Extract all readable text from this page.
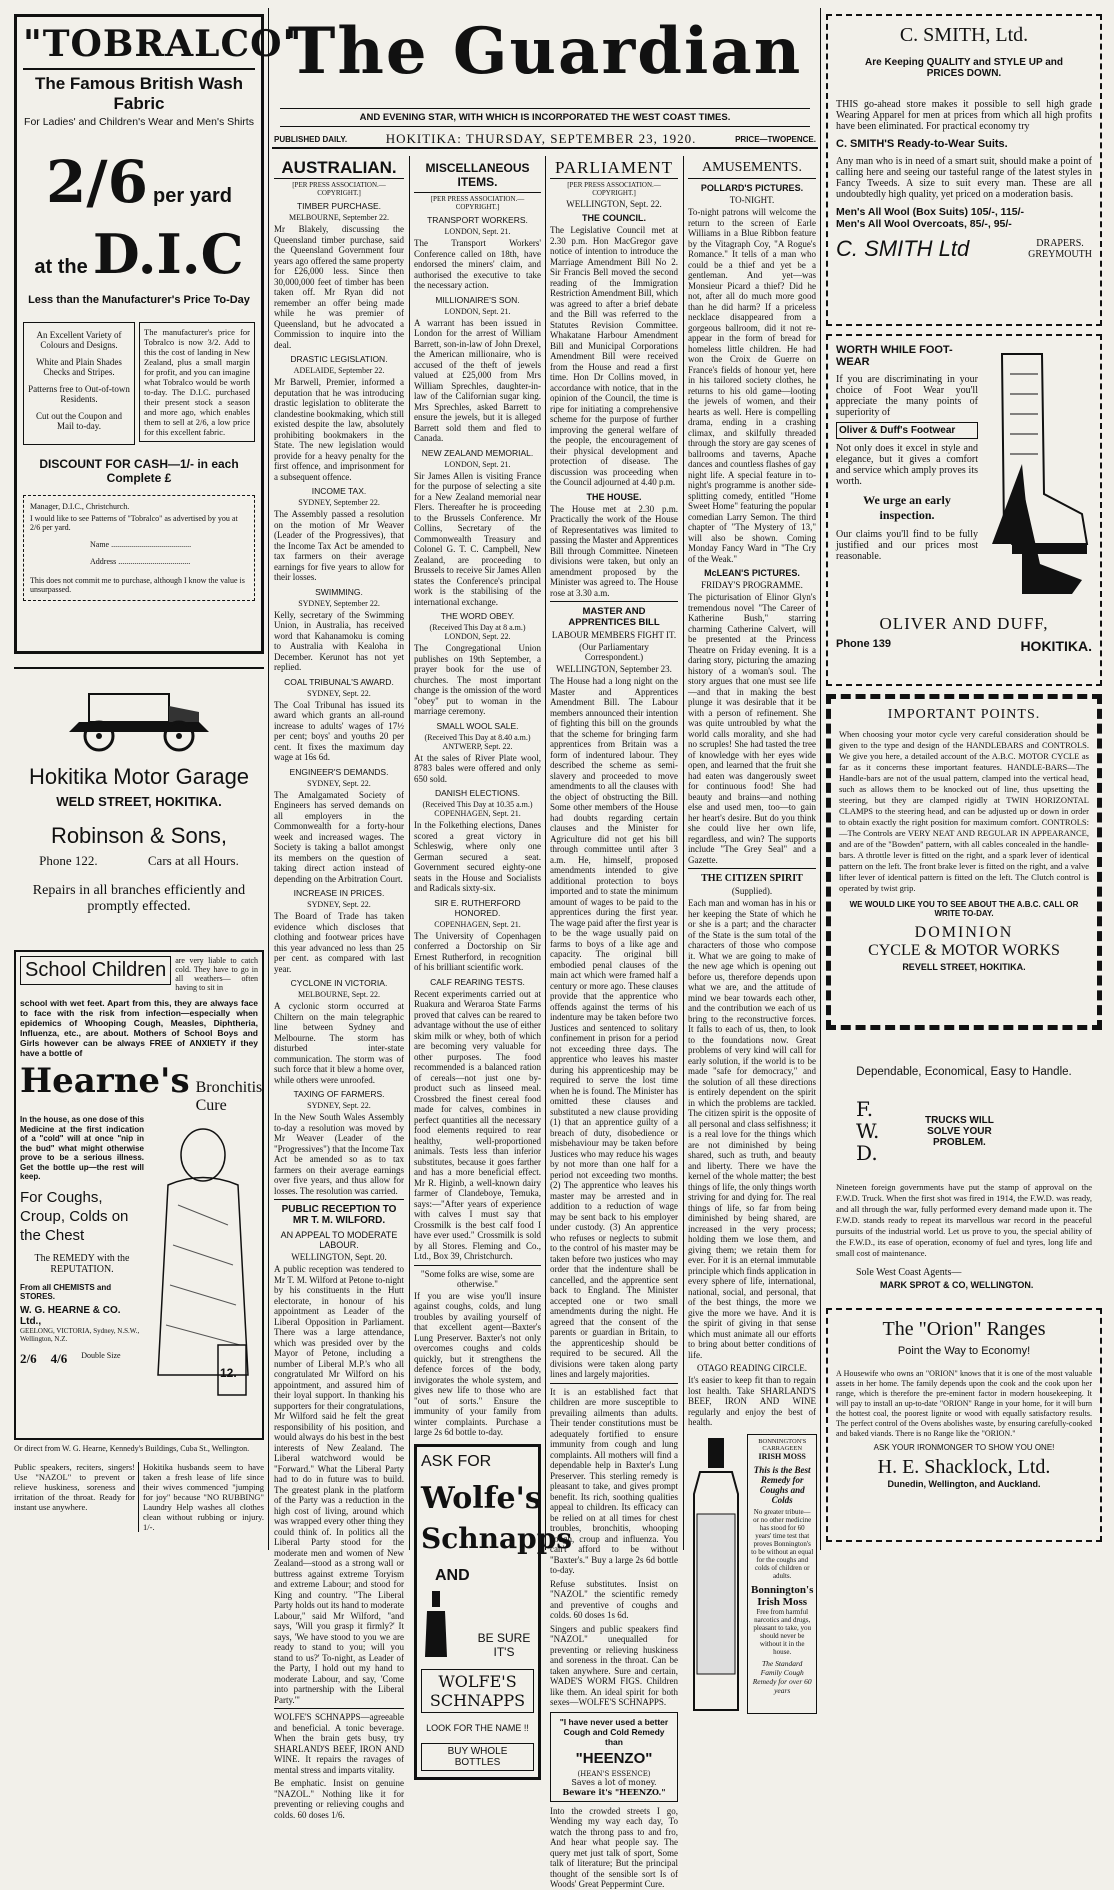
The Guardian
AND EVENING STAR, WITH WHICH IS INCORPORATED THE WEST COAST TIMES.
PUBLISHED DAILY.	HOKITIKA: THURSDAY, SEPTEMBER 23, 1920.	PRICE—TWOPENCE.
"TOBRALCO"
The Famous British Wash Fabric
For Ladies' and Children's Wear and Men's Shirts
2/6 per yard
at the D.I.C
Less than the Manufacturer's Price To-Day
An Excellent Variety of Colours and Designs.
White and Plain Shades Checks and Stripes.
Patterns free to Out-of-town Residents.
Cut out the Coupon and Mail to-day.
The manufacturer's price for Tobralco is now 3/2. Add to this the cost of landing in New Zealand, plus a small margin for profit, and you can imagine what Tobralco would be worth to-day. The D.I.C. purchased their present stock a season and more ago, which enables them to sell at 2/6, a low price for this excellent fabric.
DISCOUNT FOR CASH—1/- in each Complete £
Manager, D.I.C., Christchurch.
I would like to see Patterns of "Tobralco" as advertised by you at 2/6 per yard.
Name ........................................
Address ....................................
This does not commit me to purchase, although I know the value is unsurpassed.
Hokitika Motor Garage
WELD STREET, HOKITIKA.
Robinson & Sons,
Phone 122.	Cars at all Hours.
Repairs in all branches efficiently and promptly effected.
School Children	are very liable to catch cold. They have to go in all weathers— often having to sit in
school with wet feet. Apart from this, they are always face to face with the risk from infection—especially when epidemics of Whooping Cough, Measles, Diphtheria, Influenza, etc., are about. Mothers of School Boys and Girls however can be always FREE of ANXIETY if they have a bottle of
Hearne's Bronchitis
Cure
In the house, as one dose of this Medicine at the first indication of a "cold" will at once "nip in the bud" what might otherwise prove to be a serious illness. Get the bottle up—the rest will keep.
For Coughs, Croup, Colds on the Chest
The REMEDY with the REPUTATION.
From all CHEMISTS and STORES.
W. G. HEARNE & CO. Ltd.,
GEELONG, VICTORIA, Sydney, N.S.W., Wellington, N.Z.
2/6 4/6 Double Size
12.
Or direct from W. G. Hearne, Kennedy's Buildings, Cuba St., Wellington.
Public speakers, reciters, singers! Use "NAZOL" to prevent or relieve huskiness, soreness and irritation of the throat. Ready for instant use anywhere.
Hokitika husbands seem to have taken a fresh lease of life since their wives commenced "jumping for joy" because "NO RUBBING" Laundry Help washes all clothes clean without rubbing or injury. 1/-.
AUSTRALIAN.
[PER PRESS ASSOCIATION.—COPYRIGHT.]
TIMBER PURCHASE.
MELBOURNE, September 22.
Mr Blakely, discussing the Queensland timber purchase, said the Queensland Government four years ago offered the same property for £26,000 less. Since then 30,000,000 feet of timber has been taken off. Mr Ryan did not remember an offer being made while he was premier of Queensland, but he advocated a Commission to inquire into the deal.
DRASTIC LEGISLATION.
ADELAIDE, September 22.
Mr Barwell, Premier, informed a deputation that he was introducing drastic legislation to obliterate the clandestine bookmaking, which still existed despite the law, absolutely prohibiting bookmakers in the State. The new legislation would provide for a heavy penalty for the first offence, and imprisonment for a subsequent offence.
INCOME TAX.
SYDNEY, September 22.
The Assembly passed a resolution on the motion of Mr Weaver (Leader of the Progressives), that the Income Tax Act be amended to tax farmers on their average earnings for five years to allow for their losses.
SWIMMING.
SYDNEY, September 22.
Kelly, secretary of the Swimming Union, in Australia, has received word that Kahanamoku is coming to Australia with Kealoha in December. Kerunot has not yet replied.
COAL TRIBUNAL'S AWARD.
SYDNEY, Sept. 22.
The Coal Tribunal has issued its award which grants an all-round increase to adults' wages of 17½ per cent; boys' and youths 20 per cent. It fixes the maximum day wage at 16s 6d.
ENGINEER'S DEMANDS.
SYDNEY, Sept. 22.
The Amalgamated Society of Engineers has served demands on all employers in the Commonwealth for a forty-hour week and increased wages. The Society is taking a ballot amongst its members on the question of taking direct action instead of depending on the Arbitration Court.
INCREASE IN PRICES.
SYDNEY, Sept. 22.
The Board of Trade has taken evidence which discloses that clothing and footwear prices have this year advanced no less than 25 per cent. as compared with last year.
CYCLONE IN VICTORIA.
MELBOURNE, Sept. 22.
A cyclonic storm occurred at Chiltern on the main telegraphic line between Sydney and Melbourne. The storm has disturbed inter-state communication. The storm was of such force that it blew a home over, while others were unroofed.
TAXING OF FARMERS.
SYDNEY, Sept. 22.
In the New South Wales Assembly to-day a resolution was moved by Mr Weaver (Leader of the "Progressives") that the Income Tax Act be amended so as to tax farmers on their average earnings over five years, and thus allow for losses. The resolution was carried.
PUBLIC RECEPTION TO MR T. M. WILFORD.
AN APPEAL TO MODERATE LABOUR.
WELLINGTON, Sept. 20.
A public reception was tendered to Mr T. M. Wilford at Petone to-night by his constituents in the Hutt electorate, in honour of his appointment as Leader of the Liberal Opposition in Parliament. There was a large attendance, which was presided over by the Mayor of Petone, including a number of Liberal M.P.'s who all congratulated Mr Wilford on his appointment, and assured him of their loyal support. In thanking his supporters for their congratulations, Mr Wilford said he felt the great responsibility of his position, and would always do his best in the best interests of New Zealand. The Liberal watchword would be "Forward." What the Liberal Party had to do in future was to build. The greatest plank in the platform of the Party was a reduction in the high cost of living, around which was wrapped every other thing they could think of. In politics all the Liberal Party stood for the moderate men and women of New Zealand—stood as a strong wall or buttress against extreme Toryism and extreme Labour; and stood for King and country. "The Liberal Party holds out its hand to moderate Labour," said Mr Wilford, "and says, 'Will you grasp it firmly?' It says, 'We have stood to you we are ready to stand to you; will you stand to us?' To-night, as Leader of the Party, I hold out my hand to moderate Labour, and say, 'Come into partnership with the Liberal Party.'"
WOLFE'S SCHNAPPS—agreeable and beneficial. A tonic beverage. When the brain gets busy, try SHARLAND'S BEEF, IRON AND WINE. It repairs the ravages of mental stress and imparts vitality.
Be emphatic. Insist on genuine "NAZOL." Nothing like it for preventing or relieving coughs and colds. 60 doses 1/6.
MISCELLANEOUS ITEMS.
[PER PRESS ASSOCIATION.—COPYRIGHT.]
TRANSPORT WORKERS.
LONDON, Sept. 21.
The Transport Workers' Conference called on 18th, have endorsed the miners' claim, and authorised the executive to take the necessary action.
MILLIONAIRE'S SON.
LONDON, Sept. 21.
A warrant has been issued in London for the arrest of William Barrett, son-in-law of John Drexel, the American millionaire, who is accused of the theft of jewels valued at £25,000 from Mrs William Sprechles, daughter-in-law of the Californian sugar king. Mrs Sprechles, asked Barrett to ensure the jewels, but it is alleged Barrett sold them and fled to Canada.
NEW ZEALAND MEMORIAL.
LONDON, Sept. 21.
Sir James Allen is visiting France for the purpose of selecting a site for a New Zealand memorial near Flers. Thereafter he is proceeding to the Brussels Conference. Mr Collins, Secretary of the Commonwealth Treasury and Colonel G. T. C. Campbell, New Zealand, are proceeding to Brussels to receive Sir James Allen states the Conference's principal work is the stabilising of the international exchange.
THE WORD OBEY.
(Received This Day at 8 a.m.) LONDON, Sept. 22.
The Congregational Union publishes on 19th September, a prayer book for the use of churches. The most important change is the omission of the word "obey" put to woman in the marriage ceremony.
SMALL WOOL SALE.
(Received This Day at 8.40 a.m.) ANTWERP, Sept. 22.
At the sales of River Plate wool, 8783 bales were offered and only 650 sold.
DANISH ELECTIONS.
(Received This Day at 10.35 a.m.) COPENHAGEN, Sept. 21.
In the Folkething elections, Danes scored a great victory in Schleswig, where only one German secured a seat. Government secured eighty-one seats in the House and Socialists and Radicals sixty-six.
SIR E. RUTHERFORD HONORED.
COPENHAGEN, Sept. 21.
The University of Copenhagen conferred a Doctorship on Sir Ernest Rutherford, in recognition of his brilliant scientific work.
CALF REARING TESTS.
Recent experiments carried out at Ruakura and Weraroa State Farms proved that calves can be reared to advantage without the use of either skim milk or whey, both of which are becoming very valuable for other purposes. The food recommended is a balanced ration of cereals—not just one by-product such as linseed meal. Crossbred the finest cereal food made for calves, combines in perfect quantities all the necessary food elements required to rear healthy, well-proportioned animals. Tests less than inferior substitutes, because it goes farther and has a more beneficial effect. Mr R. Higinb, a well-known dairy farmer of Clandeboye, Temuka, says:—"After years of experience with calves I must say that Crossmilk is the best calf food I have ever used." Crossmilk is sold by all Stores. Fleming and Co., Ltd., Box 39, Christchurch.
"Some folks are wise, some are otherwise."
If you are wise you'll insure against coughs, colds, and lung troubles by availing yourself of that excellent agent—Baxter's Lung Preserver. Baxter's not only overcomes coughs and colds quickly, but it strengthens the defence forces of the body, invigorates the whole system, and gives new life to those who are "out of sorts." Ensure the immunity of your family from winter complaints. Purchase a large 2s 6d bottle to-day.
ASK FOR
Wolfe's
Schnapps
AND
BE SURE IT'S
WOLFE'S SCHNAPPS
LOOK FOR THE NAME !!
BUY WHOLE BOTTLES
PARLIAMENT
[PER PRESS ASSOCIATION.—COPYRIGHT.]
WELLINGTON, Sept. 22.
THE COUNCIL.
The Legislative Council met at 2.30 p.m. Hon MacGregor gave notice of intention to introduce the Marriage Amendment Bill No 2. Sir Francis Bell moved the second reading of the Immigration Restriction Amendment Bill, which was agreed to after a brief debate and the Bill was referred to the Statutes Revision Committee. Whakatane Harbour Amendment Bill and Municipal Corporations Amendment Bill were received from the House and read a first time. Hon Dr Collins moved, in accordance with notice, that in the opinion of the Council, the time is ripe for initiating a comprehensive scheme for the purpose of further improving the general welfare of the people, the encouragement of their physical development and protection of disease. The discussion was proceeding when the Council adjourned at 4.40 p.m.
THE HOUSE.
The House met at 2.30 p.m. Practically the work of the House of Representatives was limited to passing the Master and Apprentices Bill through Committee. Nineteen divisions were taken, but only an amendment proposed by the Minister was agreed to. The House rose at 3.30 a.m.
MASTER AND APPRENTICES BILL
LABOUR MEMBERS FIGHT IT.
(Our Parliamentary Correspondent.)
WELLINGTON, September 23.
The House had a long night on the Master and Apprentices Amendment Bill. The Labour members announced their intention of fighting this bill on the grounds that the scheme for bringing farm apprentices from Britain was a form of indentured labour. They described the scheme as semi-slavery and proceeded to move amendments to all the clauses with the object of obstructing the Bill. Some other members of the House had doubts regarding certain clauses and the Minister for Agriculture did not get his bill through committee until after 3 a.m. He, himself, proposed amendments intended to give additional protection to boys imported and to state the minimum amount of wages to be paid to the apprentices during the first year. The wage paid after the first year is to be the wage usually paid on farms to boys of a like age and capacity. The original bill embodied penal clauses of the main act which were framed half a century or more ago. These clauses provide that the apprentice who offends against the terms of his indenture may be taken before two Justices and sentenced to solitary confinement in prison for a period not exceeding three days. The apprentice who leaves his master during his apprenticeship may be required to serve the lost time when he is found. The Minister has omitted these clauses and substituted a new clause providing (1) that an apprentice guilty of a breach of duty, disobedience or misbehaviour may be taken before Justices who may reduce his wages by not more than one half for a period not exceeding two months. (2) The apprentice who leaves his master may be arrested and in addition to a reduction of wage may be sent back to his employer under custody. (3) An apprentice who refuses or neglects to submit to the control of his master may be taken before two justices who may order that the indenture shall be cancelled, and the apprentice sent back to England. The Minister accepted one or two small amendments during the night. He agreed that the consent of the parents or guardian in Britain, to the apprenticeship should be required to be secured. All the divisions were taken along party lines and largely majorities.
It is an established fact that children are more susceptible to prevailing ailments than adults. Their tender constitutions must be adequately fortified to ensure immunity from cough and lung complaints. All mothers will find a dependable help in Baxter's Lung Preserver. This sterling remedy is pleasant to take, and gives prompt benefit. Its rich, soothing qualities appeal to children. Its efficacy can be relied on at all times for chest troubles, bronchitis, whooping cough, croup and influenza. You can't afford to be without "Baxter's." Buy a large 2s 6d bottle to-day.
Refuse substitutes. Insist on "NAZOL" the scientific remedy and preventive of coughs and colds. 60 doses 1s 6d.
Singers and public speakers find "NAZOL" unequalled for preventing or relieving huskiness and soreness in the throat. Can be taken anywhere. Sure and certain, WADE'S WORM FIGS. Children like them. An ideal spirit for both sexes—WOLFE'S SCHNAPPS.
"I have never used a better Cough and Cold Remedy than
"HEENZO"
(HEAN'S ESSENCE)
Saves a lot of money.
Beware it's "HEENZO."
Into the crowded streets I go, Wending my way each day, To watch the throng pass to and fro, And hear what people say. The query met just talk of sport, Some talk of literature; But the principal thought of the sensible sort Is of Woods' Great Peppermint Cure.
AMUSEMENTS.
POLLARD'S PICTURES.
TO-NIGHT.
To-night patrons will welcome the return to the screen of Earle Williams in a Blue Ribbon feature by the Vitagraph Coy, "A Rogue's Romance." It tells of a man who could be a thief and yet be a gentleman. And yet—was Monsieur Picard a thief? Did he not, after all do much more good than he did harm? If a priceless necklace disappeared from a gorgeous ballroom, did it not re-appear in the form of bread for homeless little children. He had won the Croix de Guerre on France's fields of honour yet, here in his tailored society clothes, he returns to his old game—looting the jewels of women, and their hearts as well. Here is compelling drama, ending in a crashing climax, and skilfully threaded through the story are gay scenes of ballrooms and taverns, Apache dances and countless flashes of gay night life. A special feature in to-night's programme is another side-splitting comedy, entitled "Home Sweet Home" featuring the popular comedian Larry Semon. The third chapter of "The Mystery of 13," will also be shown. Coming Monday Fancy Ward in "The Cry of the Weak."
McLEAN'S PICTURES.
FRIDAY'S PROGRAMME.
The picturisation of Elinor Glyn's tremendous novel "The Career of Katherine Bush," starring charming Catherine Calvert, will be presented at the Princess Theatre on Friday evening. It is a daring story, picturing the amazing history of a woman's soul. The story argues that one must see life—and that in making the best plunge it was desirable that it be with a person of refinement. She was quite untroubled by what the world calls morality, and she had no scruples! She had tasted the tree of knowledge with her eyes wide open, and learned that the fruit she had eaten was dangerously sweet for continuous food! She had beauty and brains—and nothing else and used men, too—to gain her heart's desire. But do you think she could live her own life, regardless, and win? The supports include "The Grey Seal" and a Gazette.
THE CITIZEN SPIRIT
(Supplied).
Each man and woman has in his or her keeping the State of which he or she is a part; and the character of the State is the sum total of the characters of those who compose it. What we are going to make of the new age which is opening out before us, therefore depends upon what we are, and the attitude of mind we bear towards each other, and the contribution we each of us bring to the reconstructive forces. It falls to each of us, then, to look to the foundations now. Great problems of very kind will call for early solution, if the world is to be made "safe for democracy," and the solution of all these directions is entirely dependent on the spirit in which the problems are tackled. The citizen spirit is the opposite of all personal and class selfishness; it is a real love for the things which are not diminished by being shared, such as truth, and beauty and liberty. There we have the kernel of the whole matter; the best things of life, the only things worth striving for and dying for. The real things of life, so far from being diminished by being shared, are increased in the very process; holding them we lose them, and giving them; we retain them for ever. For it is an eternal immutable principle which finds application in every sphere of life, international, national, social, and personal, that of the best things, the more we give the more we have. And it is the spirit of giving in that sense which must animate all our efforts to bring about better conditions of life.
OTAGO READING CIRCLE.
It's easier to keep fit than to regain lost health. Take SHARLAND'S BEEF, IRON AND WINE regularly and enjoy the best of health.
BONNINGTON'S
CARRAGEEN
IRISH MOSS
This is the Best Remedy for Coughs and Colds
No greater tribute—or no other medicine has stood for 60 years' time test that proves Bonnington's to be without an equal for the coughs and colds of children or adults.
Bonnington's Irish Moss
Free from harmful narcotics and drugs, pleasant to take, you should never be without it in the house.
The Standard Family Cough Remedy for over 60 years
C. SMITH, Ltd.
Are Keeping QUALITY and STYLE UP and PRICES DOWN.
THIS go-ahead store makes it possible to sell high grade Wearing Apparel for men at prices from which all high profits have been eliminated. For practical economy try
C. SMITH'S Ready-to-Wear Suits.
Any man who is in need of a smart suit, should make a point of calling here and seeing our tasteful range of the latest styles in Fancy Tweeds. A size to suit every man. These are all undoubtedly high quality, yet priced on a moderation basis.
Men's All Wool (Box Suits) 105/-, 115/-
Men's All Wool Overcoats, 85/-, 95/-
C. SMITH Ltd	DRAPERS.
GREYMOUTH
WORTH WHILE FOOT-WEAR
If you are discriminating in your choice of Foot Wear you'll appreciate the many points of superiority of
Oliver & Duff's Footwear
Not only does it excel in style and elegance, but it gives a comfort and service which amply proves its worth.
We urge an early inspection.
Our claims you'll find to be fully justified and our prices most reasonable.
OLIVER AND DUFF,
Phone 139	HOKITIKA.
IMPORTANT POINTS.
When choosing your motor cycle very careful consideration should be given to the type and design of the HANDLEBARS and CONTROLS. We give you here, a detailed account of the A.B.C. MOTOR CYCLE as far as it concerns these important features. HANDLE-BARS—The Handle-bars are not of the usual pattern, clamped into the vertical head, such as allows them to be knocked out of line, thus upsetting the steering, but they are clamped rigidly at TWIN HORIZONTAL CLAMPS to the steering head, and can be adjusted up or down in order to obtain exactly the right position for maximum comfort. CONTROLS:—The Controls are VERY NEAT AND REGULAR IN APPEARANCE, and are of the "Bowden" pattern, with all cables concealed in the handle-bars. A throttle lever is fitted on the right, and a spark lever of identical pattern on the left. The front brake lever is fitted on the right, and a valve lifter lever of identical pattern is fitted on the left. The Clutch control is operated by twist grip.
WE WOULD LIKE YOU TO SEE ABOUT THE A.B.C. CALL OR WRITE TO-DAY.
DOMINION
CYCLE & MOTOR WORKS
REVELL STREET, HOKITIKA.
Dependable, Economical, Easy to Handle.
F.
W.
D.
TRUCKS WILL SOLVE YOUR PROBLEM.
Nineteen foreign governments have put the stamp of approval on the F.W.D. Truck. When the first shot was fired in 1914, the F.W.D. was ready, and all through the war, fully performed every demand made upon it. The F.W.D. stands ready to repeat its marvellous war record in the peaceful pursuits of the industrial world. Let us prove to you, the special ability of the F.W.D., its ease of operation, economy of fuel and tyres, long life and small cost of maintenance.
Sole West Coast Agents—
MARK SPROT & CO, WELLINGTON.
The "Orion" Ranges
Point the Way to Economy!
A Housewife who owns an "ORION" knows that it is one of the most valuable assets in her home. The family depends upon the cook and the cook upon her range, which is therefore the pre-eminent factor in modern housekeeping. It will pay to install an up-to-date "ORION" Range in your home, for it will burn the hottest coal, the poorest lignite or wood with equally satisfactory results. The perfect control of the Ovens abolishes waste, by ensuring carefully-cooked and baked viands. There is no Range like the "ORION."
ASK YOUR IRONMONGER TO SHOW YOU ONE!
H. E. Shacklock, Ltd.
Dunedin, Wellington, and Auckland.
